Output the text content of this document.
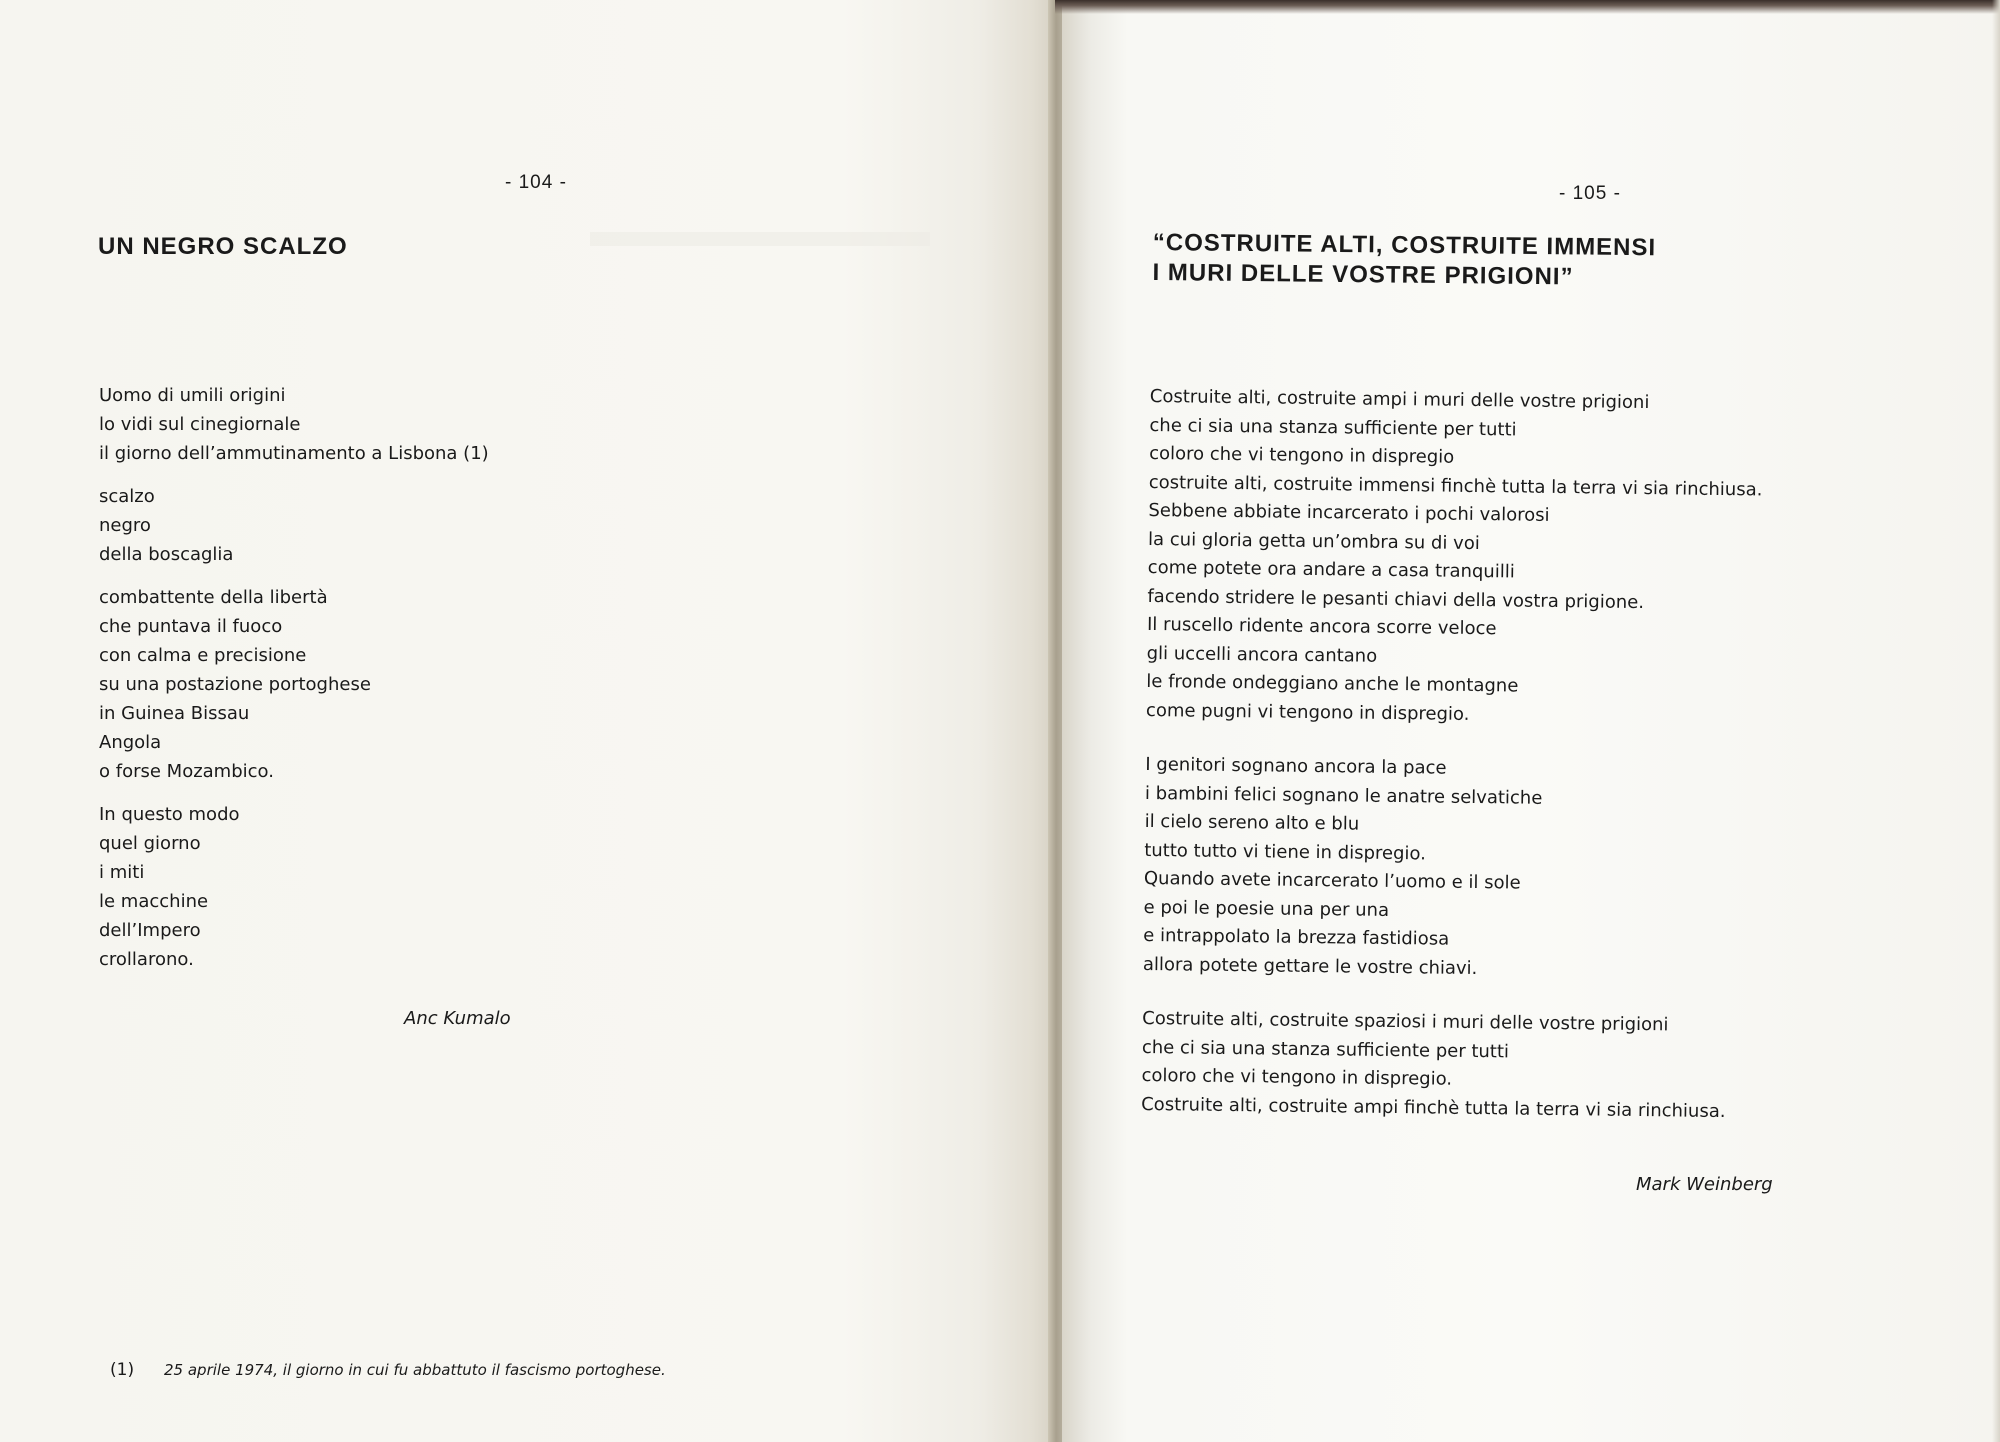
- 104 -
UN NEGRO SCALZO
Uomo di umili origini
lo vidi sul cinegiornale
il giorno dell’ammutinamento a Lisbona (1)
scalzo
negro
della boscaglia
combattente della libertà
che puntava il fuoco
con calma e precisione
su una postazione portoghese
in Guinea Bissau
Angola
o forse Mozambico.
In questo modo
quel giorno
i miti
le macchine
dell’Impero
crollarono.
Anc Kumalo
(1) 25 aprile 1974, il giorno in cui fu abbattuto il fascismo portoghese.
- 105 -
“COSTRUITE ALTI, COSTRUITE IMMENSI
I MURI DELLE VOSTRE PRIGIONI”
Costruite alti, costruite ampi i muri delle vostre prigioni
che ci sia una stanza sufficiente per tutti
coloro che vi tengono in dispregio
costruite alti, costruite immensi finchè tutta la terra vi sia rinchiusa.
Sebbene abbiate incarcerato i pochi valorosi
la cui gloria getta un’ombra su di voi
come potete ora andare a casa tranquilli
facendo stridere le pesanti chiavi della vostra prigione.
Il ruscello ridente ancora scorre veloce
gli uccelli ancora cantano
le fronde ondeggiano anche le montagne
come pugni vi tengono in dispregio.
I genitori sognano ancora la pace
i bambini felici sognano le anatre selvatiche
il cielo sereno alto e blu
tutto tutto vi tiene in dispregio.
Quando avete incarcerato l’uomo e il sole
e poi le poesie una per una
e intrappolato la brezza fastidiosa
allora potete gettare le vostre chiavi.
Costruite alti, costruite spaziosi i muri delle vostre prigioni
che ci sia una stanza sufficiente per tutti
coloro che vi tengono in dispregio.
Costruite alti, costruite ampi finchè tutta la terra vi sia rinchiusa.
Mark Weinberg
